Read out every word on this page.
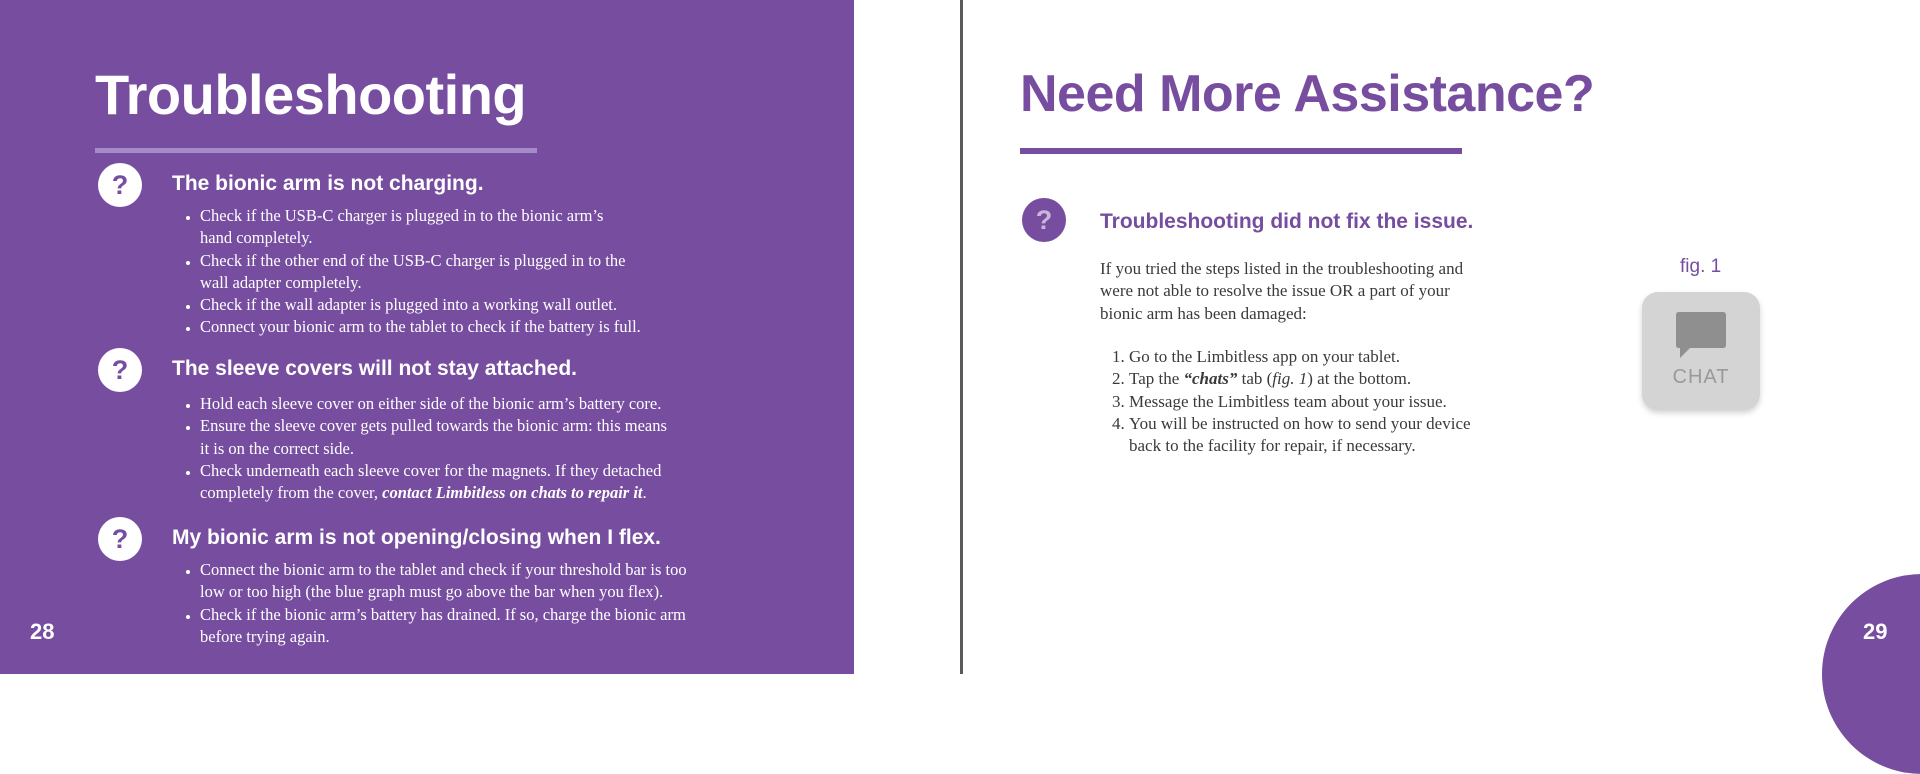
Troubleshooting
?	The bionic arm is not charging.
• Check if the USB-C charger is plugged in to the bionic arm’s
hand completely.
• Check if the other end of the USB-C charger is plugged in to the
wall adapter completely.
• Check if the wall adapter is plugged into a working wall outlet.
• Connect your bionic arm to the tablet to check if the battery is full.
?	The sleeve covers will not stay attached.
• Hold each sleeve cover on either side of the bionic arm’s battery core.
• Ensure the sleeve cover gets pulled towards the bionic arm: this means
it is on the correct side.
• Check underneath each sleeve cover for the magnets. If they detached
completely from the cover, contact Limbitless on chats to repair it.
?	My bionic arm is not opening/closing when I flex.
• Connect the bionic arm to the tablet and check if your threshold bar is too
low or too high (the blue graph must go above the bar when you flex).
• Check if the bionic arm’s battery has drained. If so, charge the bionic arm
before trying again.
28
Need More Assistance?
?	Troubleshooting did not fix the issue.

If you tried the steps listed in the troubleshooting and
were not able to resolve the issue OR a part of your
bionic arm has been damaged:

1. Go to the Limbitless app on your tablet.
2. Tap the “chats” tab (fig. 1) at the bottom.
3. Message the Limbitless team about your issue.
4. You will be instructed on how to send your device
back to the facility for repair, if necessary.
fig. 1
CHAT
29
